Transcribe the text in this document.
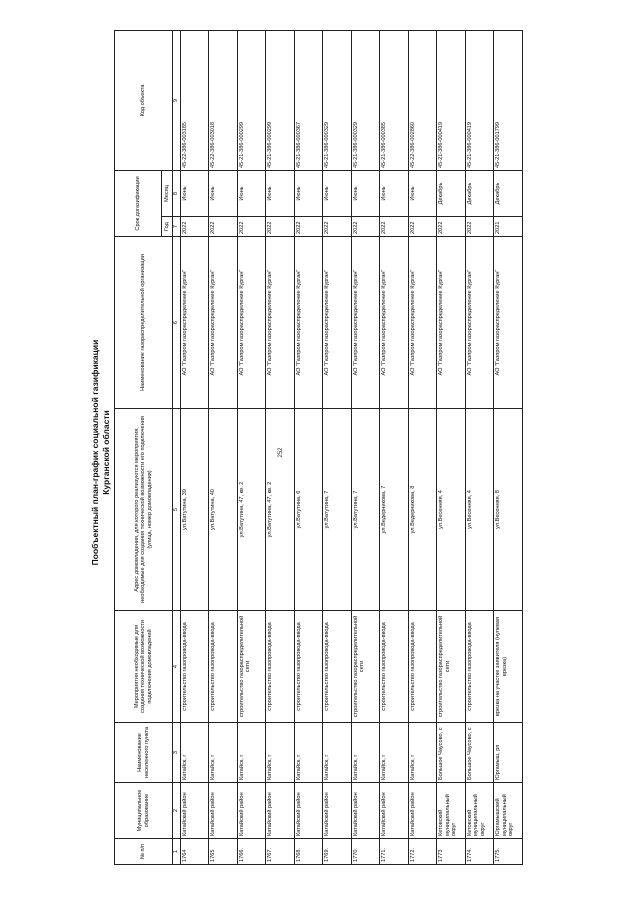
252
Пообъектный план-график социальной газификации Курганской области
№ п/п	Муниципальное образование	Наименование населенного пункта	Мероприятия необходимые для создания технической возможности подключения домовладений	Адрес домовладения, для которого реализуются мероприятия, необходимые для создания технической возможности его подключения (улица, номер домовладения)	Наименование газораспределительной организации	Срок догазификации		Код объекта
						Год	Месяц	
1	2	3	4	5	6	7	8	9
1764	Катайский район	Катайск, г	строительство газопровода-ввода	ул.Ватутина, 39	АО "Газпром газораспределение Курган"	2022	Июнь	45-22-386-003185
1765	Катайский район	Катайск, г	строительство газопровода-ввода	ул.Ватутина, 40	АО "Газпром газораспределение Курган"	2022	Июнь	45-22-386-003018
1766.	Катайский район	Катайск, г	строительство газораспределительной сети	ул.Ватутина, 47, кв. 2	АО "Газпром газораспределение Курган"	2022	Июнь	45-21-386-000299
1767.	Катайский район	Катайск, г	строительство газопровода-ввода	ул.Ватутина, 47, кв. 2	АО "Газпром газораспределение Курган"	2022	Июнь	45-21-386-000299
1768.	Катайский район	Катайск, г	строительство газопровода-ввода	ул.Ватутина, 6	АО "Газпром газораспределение Курган"	2022	Июнь	45-21-386-000367
1769.	Катайский район	Катайск, г	строительство газопровода-ввода	ул.Ватутина, 7	АО "Газпром газораспределение Курган"	2022	Июнь	45-21-386-000329
1770.	Катайский район	Катайск, г	строительство газораспределительной сети	ул.Ватутина, 7	АО "Газпром газораспределение Курган"	2022	Июнь	45-21-386-000329
1771.	Катайский район	Катайск, г	строительство газопровода-ввода	ул.Ведерникова, 7	АО "Газпром газораспределение Курган"	2022	Июнь	45-21-386-000385
1772.	Катайский район	Катайск, г	строительство газопровода-ввода	ул.Ведерникова, 8	АО "Газпром газораспределение Курган"	2022	Июнь	45-22-386-002860
1773	Кетовский муниципальный округ	Большое Чаусово, с	строительство газораспределительной сети	ул.Весенняя, 4	АО "Газпром газораспределение Курган"	2022	Декабрь	45-21-386-000419
1774.	Кетовский муниципальный округ	Большое Чаусово, с	строительство газопровода-ввода	ул.Весенняя, 4	АО "Газпром газораспределение Курган"	2022	Декабрь	45-21-386-000419
1775.	Юргамышский муниципальный округ	Юргамыш, рп	врезка на участке заявителя (нулевая врезка)	ул.Весенняя, 8	АО "Газпром газораспределение Курган"	2021	Декабрь	45-21-386-001799
